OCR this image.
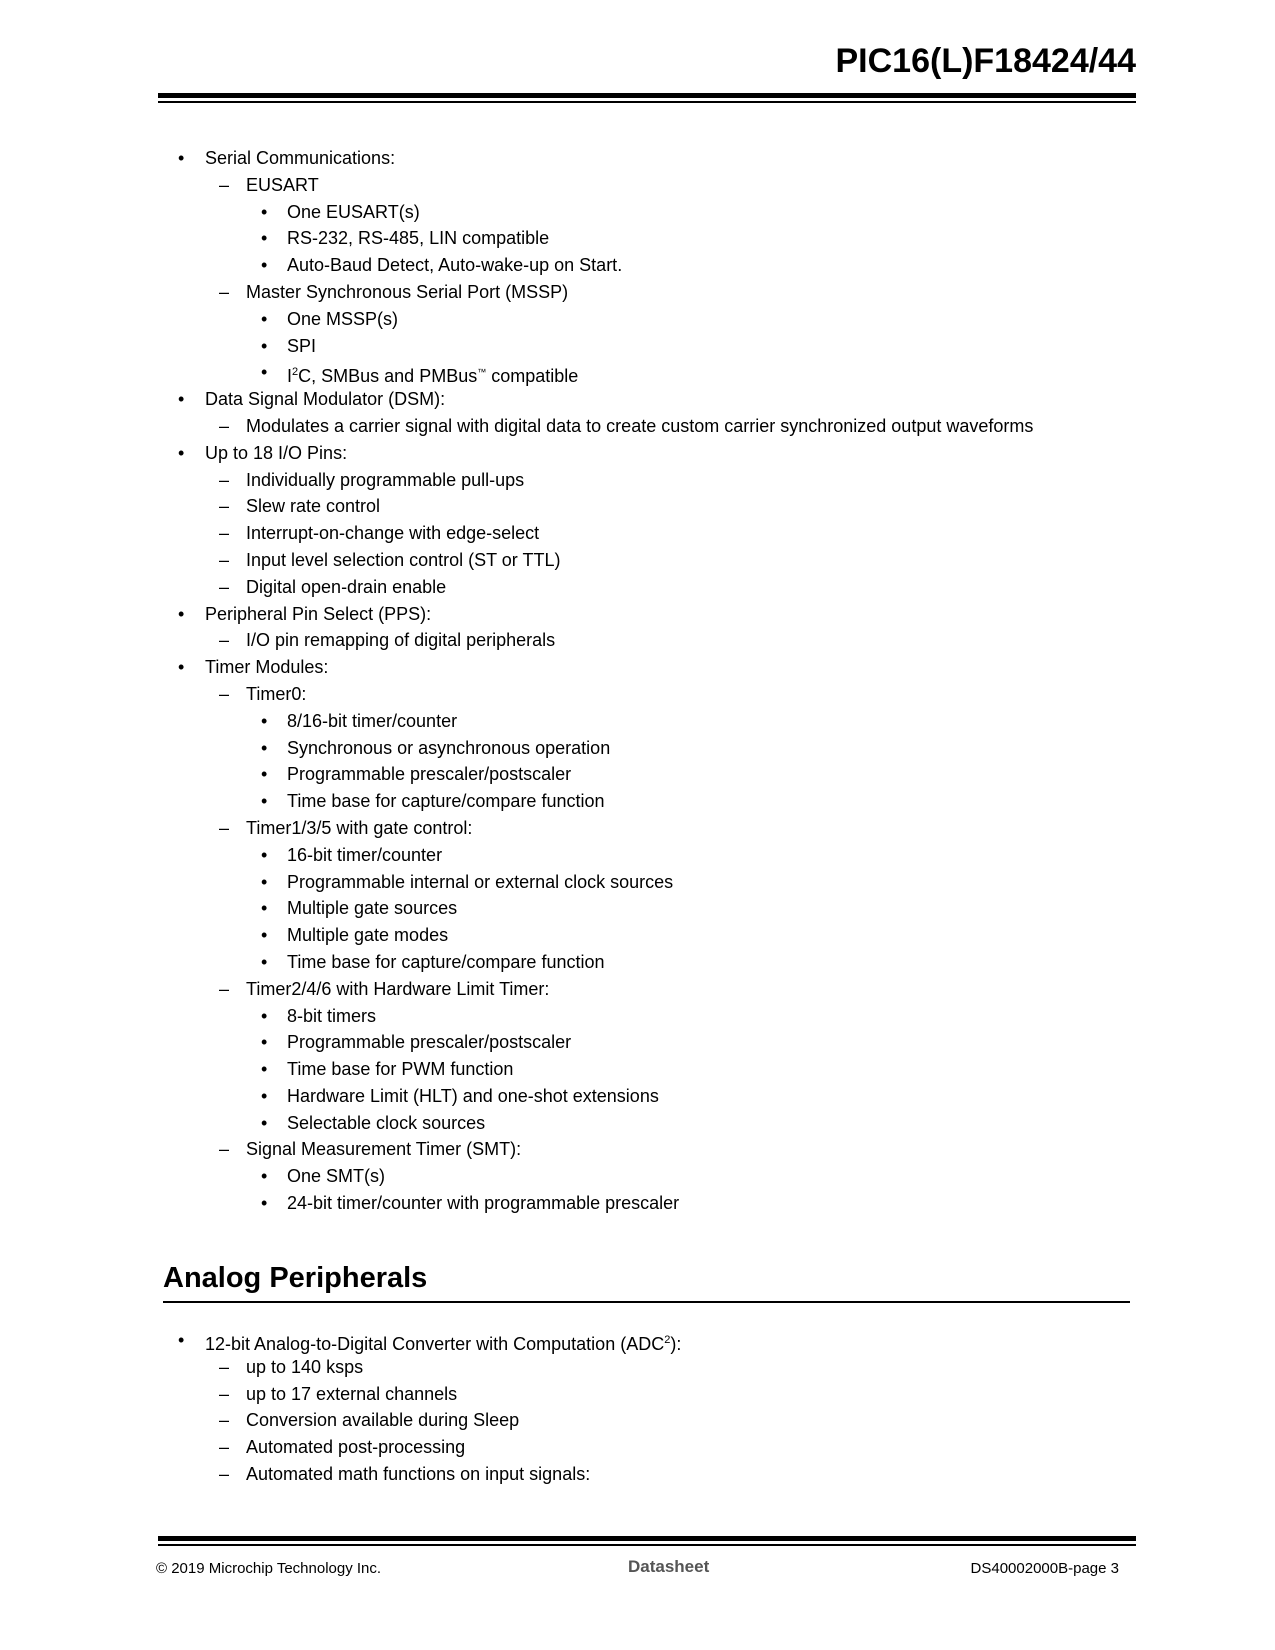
PIC16(L)F18424/44
• Serial Communications:
– EUSART
• One EUSART(s)
• RS-232, RS-485, LIN compatible
• Auto-Baud Detect, Auto-wake-up on Start.
– Master Synchronous Serial Port (MSSP)
• One MSSP(s)
• SPI
• $I^2C$, SMBus and PMBus™ compatible
• Data Signal Modulator (DSM):
– Modulates a carrier signal with digital data to create custom carrier synchronized output waveforms
• Up to 18 I/O Pins:
– Individually programmable pull-ups
– Slew rate control
– Interrupt-on-change with edge-select
– Input level selection control (ST or TTL)
– Digital open-drain enable
• Peripheral Pin Select (PPS):
– I/O pin remapping of digital peripherals
• Timer Modules:
– Timer0:
• 8/16-bit timer/counter
• Synchronous or asynchronous operation
• Programmable prescaler/postscaler
• Time base for capture/compare function
– Timer1/3/5 with gate control:
• 16-bit timer/counter
• Programmable internal or external clock sources
• Multiple gate sources
• Multiple gate modes
• Time base for capture/compare function
– Timer2/4/6 with Hardware Limit Timer:
• 8-bit timers
• Programmable prescaler/postscaler
• Time base for PWM function
• Hardware Limit (HLT) and one-shot extensions
• Selectable clock sources
– Signal Measurement Timer (SMT):
• One SMT(s)
• 24-bit timer/counter with programmable prescaler
Analog Peripherals
• 12-bit Analog-to-Digital Converter with Computation (ADC$^2$):
– up to 140 ksps
– up to 17 external channels
– Conversion available during Sleep
– Automated post-processing
– Automated math functions on input signals:
© 2019 Microchip Technology Inc.	Datasheet	DS40002000B-page 3
